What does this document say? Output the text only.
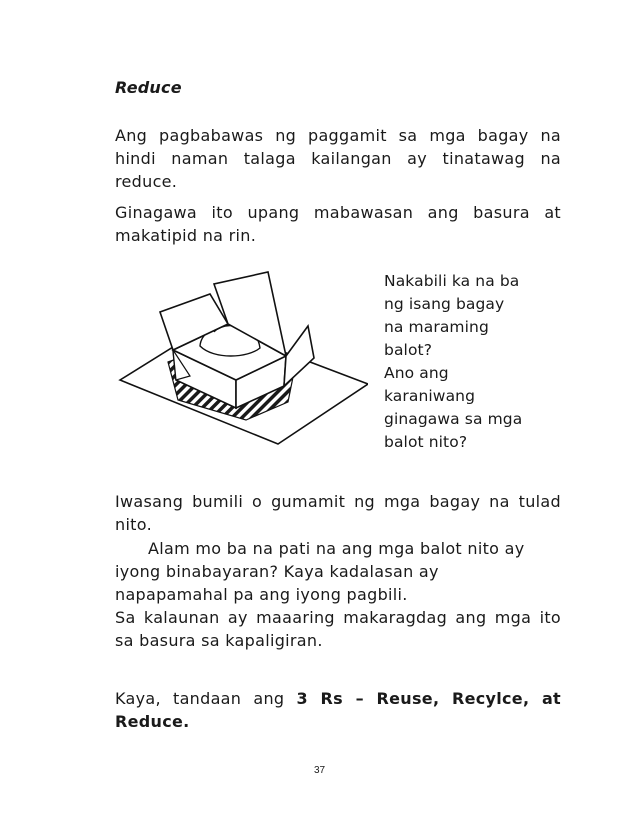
Reduce
Ang pagbabawas ng paggamit sa mga bagay na
hindi naman talaga kailangan ay tinatawag na
reduce.
Ginagawa ito upang mabawasan ang basura at
makatipid na rin.
Nakabili ka na ba
ng isang bagay
na maraming
balot?
Ano ang
karaniwang
ginagawa sa mga
balot nito?
Iwasang bumili o gumamit ng mga bagay na tulad
nito.
Alam mo ba na pati na ang mga balot nito ay
iyong binabayaran? Kaya kadalasan ay
napapamahal pa ang iyong pagbili.
Sa kalaunan ay maaaring makaragdag ang mga ito
sa basura sa kapaligiran.
Kaya, tandaan ang 3 Rs – Reuse, Recylce, at
Reduce.
37
